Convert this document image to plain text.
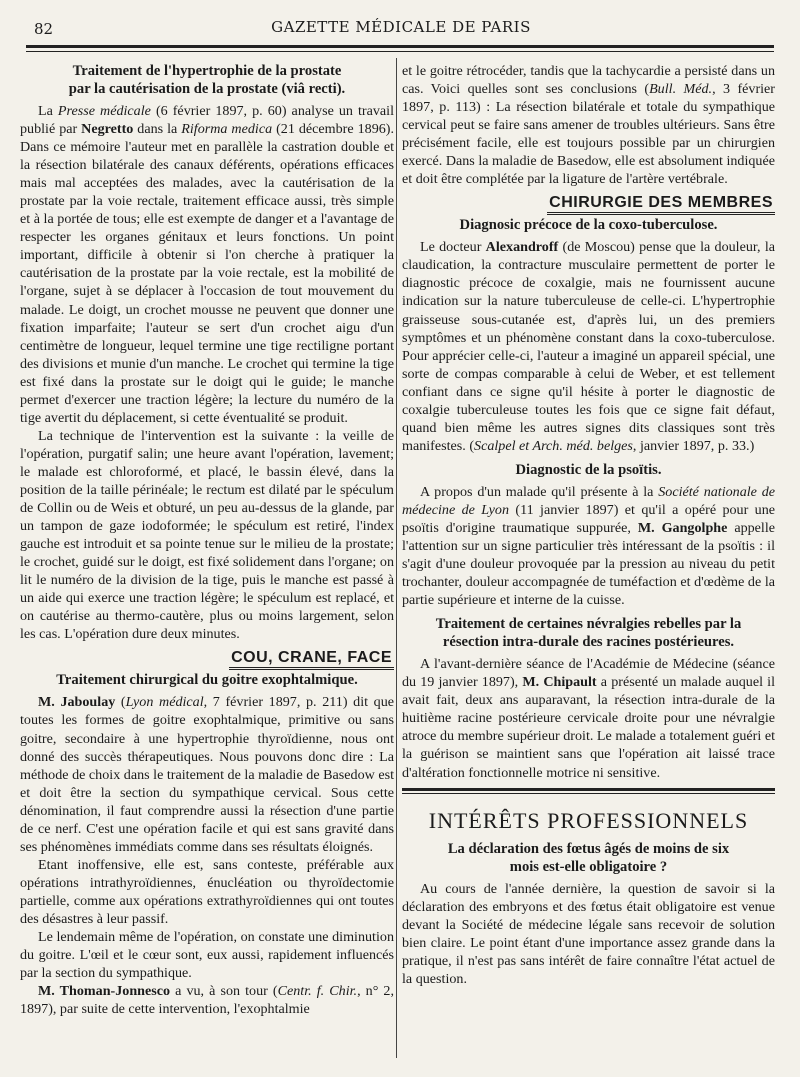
82	GAZETTE MÉDICALE DE PARIS
Traitement de l'hypertrophie de la prostate
par la cautérisation de la prostate (viâ recti).

La Presse médicale (6 février 1897, p. 60) analyse un travail publié par Negretto dans la Riforma medica (21 décembre 1896). Dans ce mémoire l'auteur met en parallèle la castration double et la résection bilatérale des canaux déférents, opérations efficaces mais mal acceptées des malades, avec la cautérisation de la prostate par la voie rectale, traitement efficace aussi, très simple et à la portée de tous; elle est exempte de danger et a l'avantage de respecter les organes génitaux et leurs fonctions. Un point important, difficile à obtenir si l'on cherche à pratiquer la cautérisation de la prostate par la voie rectale, est la mobilité de l'organe, sujet à se déplacer à l'occasion de tout mouvement du malade. Le doigt, un crochet mousse ne peuvent que donner une fixation imparfaite; l'auteur se sert d'un crochet aigu d'un centimètre de longueur, lequel termine une tige rectiligne portant des divisions et munie d'un manche. Le crochet qui termine la tige est fixé dans la prostate sur le doigt qui le guide; le manche permet d'exercer une traction légère; la lecture du numéro de la tige avertit du déplacement, si cette éventualité se produit.

La technique de l'intervention est la suivante : la veille de l'opération, purgatif salin; une heure avant l'opération, lavement; le malade est chloroformé, et placé, le bassin élevé, dans la position de la taille périnéale; le rectum est dilaté par le spéculum de Collin ou de Weis et obturé, un peu au-dessus de la glande, par un tampon de gaze iodoformée; le spéculum est retiré, l'index gauche est introduit et sa pointe tenue sur le milieu de la prostate; le crochet, guidé sur le doigt, est fixé solidement dans l'organe; on lit le numéro de la division de la tige, puis le manche est passé à un aide qui exerce une traction légère; le spéculum est replacé, et on cautérise au thermo-cautère, plus ou moins largement, selon les cas. L'opération dure deux minutes.

COU, CRANE, FACE
Traitement chirurgical du goitre exophtalmique.

M. Jaboulay (Lyon médical, 7 février 1897, p. 211) dit que toutes les formes de goitre exophtalmique, primitive ou sans goitre, secondaire à une hypertrophie thyroïdienne, nous ont donné des succès thérapeutiques. Nous pouvons donc dire : La méthode de choix dans le traitement de la maladie de Basedow est et doit être la section du sympathique cervical. Sous cette dénomination, il faut comprendre aussi la résection d'une partie de ce nerf. C'est une opération facile et qui est sans gravité dans ses phénomènes immédiats comme dans ses résultats éloignés.

Etant inoffensive, elle est, sans conteste, préférable aux opérations intrathyroïdiennes, énucléation ou thyroïdectomie partielle, comme aux opérations extrathyroïdiennes qui ont toutes des désastres à leur passif.

Le lendemain même de l'opération, on constate une diminution du goitre. L'œil et le cœur sont, eux aussi, rapidement influencés par la section du sympathique.

M. Thoman-Jonnesco a vu, à son tour (Centr. f. Chir., n° 2, 1897), par suite de cette intervention, l'exophtalmie

et le goitre rétrocéder, tandis que la tachycardie a persisté dans un cas. Voici quelles sont ses conclusions (Bull. Méd., 3 février 1897, p. 113) : La résection bilatérale et totale du sympathique cervical peut se faire sans amener de troubles ultérieurs. Sans être précisément facile, elle est toujours possible par un chirurgien exercé. Dans la maladie de Basedow, elle est absolument indiquée et doit être complétée par la ligature de l'artère vertébrale.

CHIRURGIE DES MEMBRES
Diagnosic précoce de la coxo-tuberculose.

Le docteur Alexandroff (de Moscou) pense que la douleur, la claudication, la contracture musculaire permettent de porter le diagnostic précoce de coxalgie, mais ne fournissent aucune indication sur la nature tuberculeuse de celle-ci. L'hypertrophie graisseuse sous-cutanée est, d'après lui, un des premiers symptômes et un phénomène constant dans la coxo-tuberculose. Pour apprécier celle-ci, l'auteur a imaginé un appareil spécial, une sorte de compas comparable à celui de Weber, et est tellement confiant dans ce signe qu'il hésite à porter le diagnostic de coxalgie tuberculeuse toutes les fois que ce signe fait défaut, quand bien même les autres signes dits classiques sont très manifestes. (Scalpel et Arch. méd. belges, janvier 1897, p. 33.)

Diagnostic de la psoïtis.

A propos d'un malade qu'il présente à la Société nationale de médecine de Lyon (11 janvier 1897) et qu'il a opéré pour une psoïtis d'origine traumatique suppurée, M. Gangolphe appelle l'attention sur un signe particulier très intéressant de la psoïtis : il s'agit d'une douleur provoquée par la pression au niveau du petit trochanter, douleur accompagnée de tuméfaction et d'œdème de la partie supérieure et interne de la cuisse.

Traitement de certaines névralgies rebelles par la
résection intra-durale des racines postérieures.

A l'avant-dernière séance de l'Académie de Médecine (séance du 19 janvier 1897), M. Chipault a présenté un malade auquel il avait fait, deux ans auparavant, la résection intra-durale de la huitième racine postérieure cervicale droite pour une névralgie atroce du membre supérieur droit. Le malade a totalement guéri et la guérison se maintient sans que l'opération ait laissé trace d'altération fonctionnelle motrice ni sensitive.

INTÉRÊTS PROFESSIONNELS
La déclaration des fœtus âgés de moins de six
mois est-elle obligatoire ?

Au cours de l'année dernière, la question de savoir si la déclaration des embryons et des fœtus était obligatoire est venue devant la Société de médecine légale sans recevoir de solution bien claire. Le point étant d'une importance assez grande dans la pratique, il n'est pas sans intérêt de faire connaître l'état actuel de la question.
